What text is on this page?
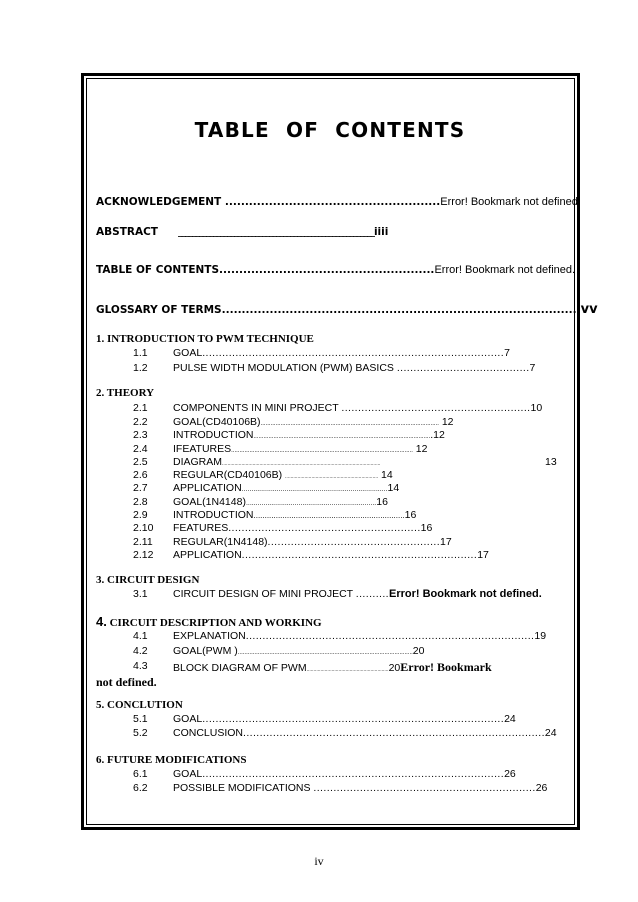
TABLE OF CONTENTS
ACKNOWLEDGEMENT ......................................................Error! Bookmark not defined.
ABSTRACT ________________________________________________________iiii
TABLE OF CONTENTS......................................................Error! Bookmark not defined.
GLOSSARY OF TERMS..........................................................................................vv
1. INTRODUCTION TO PWM TECHNIQUE
1.1 GOAL...........................................................................................7
1.2 PULSE WIDTH MODULATION (PWM) BASICS ........................................7
2. THEORY
2.1 COMPONENTS IN MINI PROJECT .........................................................10
2.2 GOAL(CD40106B)........................................................................................................... 12
2.3 INTRODUCTION...........................................................................................................12
2.4 IFEATURES............................................................................................................. 12
2.5 DIAGRAM..................................................................................................................	13
2.6 REGULAR(CD40106B) ................................................................... 14
2.7 APPLICATION...........................................................................14
2.8 GOAL(1N4148)...................................................................16
2.9 INTRODUCTION....................................................................16
2.10 FEATURES..........................................................16
2.11 REGULAR(1N4148)....................................................17
2.12 APPLICATION.......................................................................17
3. CIRCUIT DESIGN
3.1 CIRCUIT DESIGN OF MINI PROJECT ..........Error! Bookmark not defined.
4. CIRCUIT DESCRIPTION AND WORKING
4.1 EXPLANATION.......................................................................................19
4.2 GOAL(PWM ).........................................................................................................20
4.3 BLOCK DIAGRAM OF PWM...........................................................20Error! Bookmark
not defined.
5. CONCLUTION
5.1 GOAL...........................................................................................24
5.2 CONCLUSION...........................................................................................24
6. FUTURE MODIFICATIONS
6.1 GOAL...........................................................................................26
6.2 POSSIBLE MODIFICATIONS ...................................................................26
iv
